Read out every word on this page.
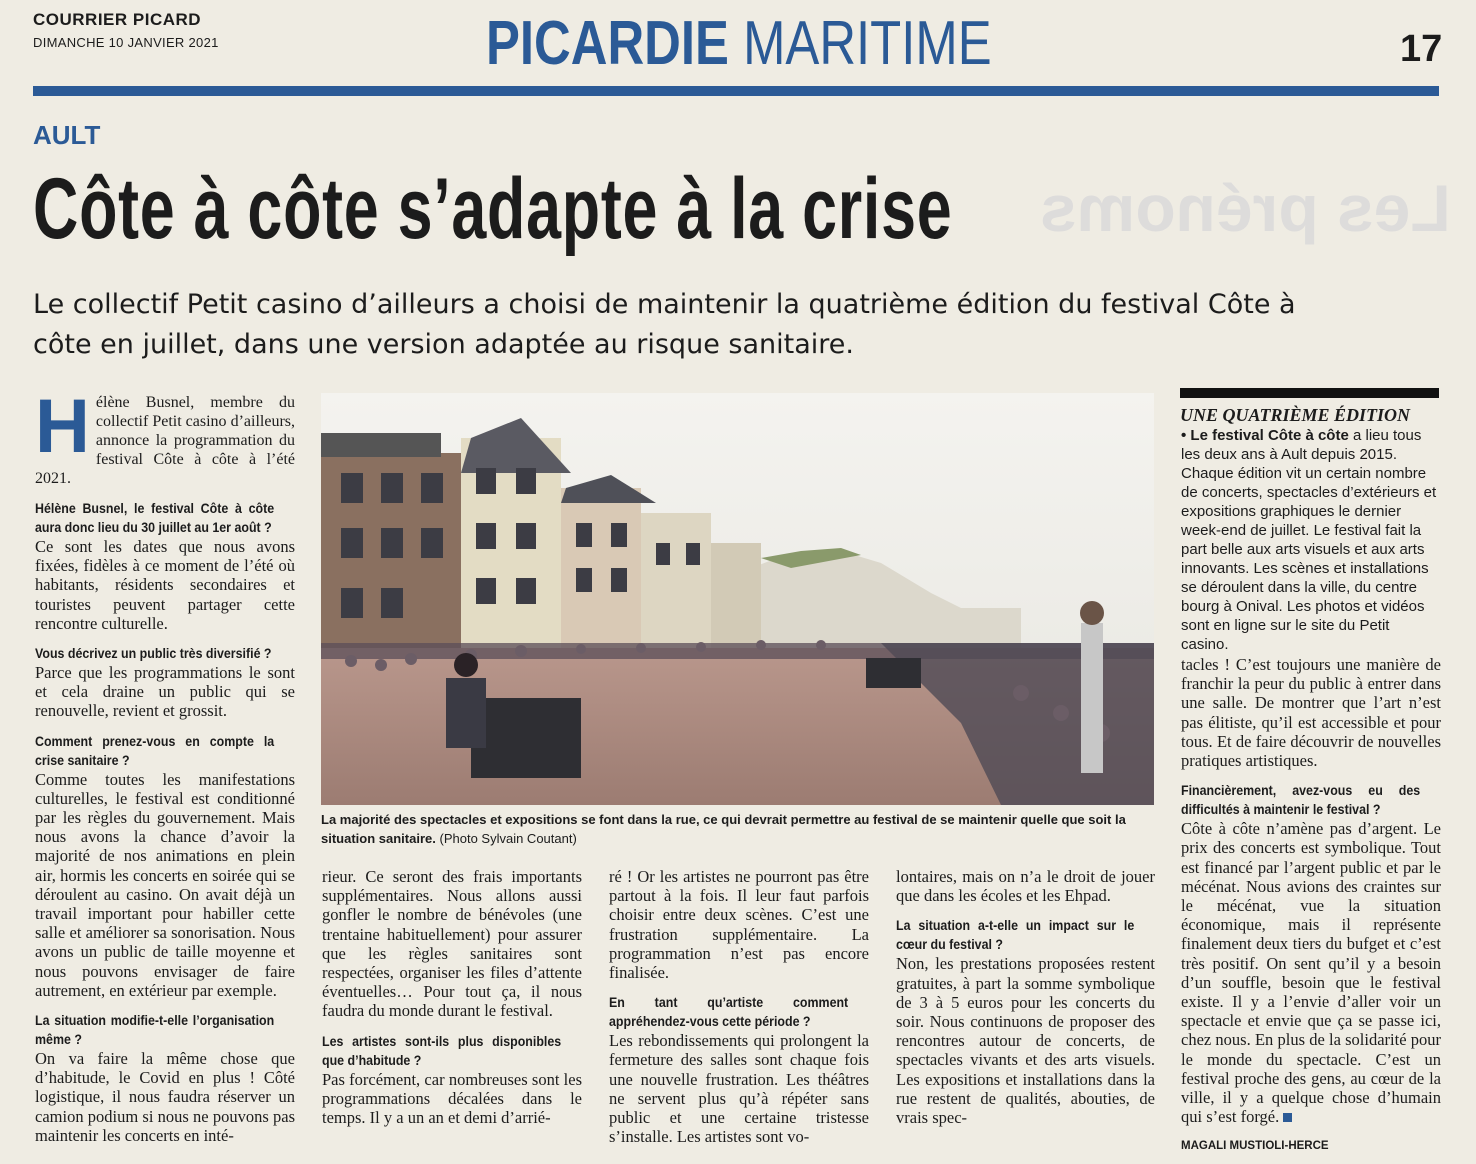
COURRIER PICARD
DIMANCHE 10 JANVIER 2021	PICARDIE MARITIME	17
Les prénoms
AULT
Côte à côte s’adapte à la crise
Le collectif Petit casino d’ailleurs a choisi de maintenir la quatrième édition du festival Côte à côte en juillet, dans une version adaptée au risque sanitaire.

Hélène Busnel, membre du collectif Petit casino d’ailleurs, annonce la programmation du festival Côte à côte à l’été 2021.

Hélène Busnel, le festival Côte à côte aura donc lieu du 30 juillet au 1er août ?
Ce sont les dates que nous avons fixées, fidèles à ce moment de l’été où habitants, résidents secondaires et touristes peuvent partager cette rencontre culturelle.

Vous décrivez un public très diversifié ?
Parce que les programmations le sont et cela draine un public qui se renouvelle, revient et grossit.

Comment prenez-vous en compte la crise sanitaire ?
Comme toutes les manifestations culturelles, le festival est conditionné par les règles du gouvernement. Mais nous avons la chance d’avoir la majorité de nos animations en plein air, hormis les concerts en soirée qui se déroulent au casino. On avait déjà un travail important pour habiller cette salle et améliorer sa sonorisation. Nous avons un public de taille moyenne et nous pouvons envisager de faire autrement, en extérieur par exemple.

La situation modifie-t-elle l’organisation même ?
On va faire la même chose que d’habitude, le Covid en plus ! Côté logistique, il nous faudra réserver un camion podium si nous ne pouvons pas maintenir les concerts en inté-

La majorité des spectacles et expositions se font dans la rue, ce qui devrait permettre au festival de se maintenir quelle que soit la situation sanitaire. (Photo Sylvain Coutant)

rieur. Ce seront des frais importants supplémentaires. Nous allons aussi gonfler le nombre de bénévoles (une trentaine habituellement) pour assurer que les règles sanitaires sont respectées, organiser les files d’attente éventuelles… Pour tout ça, il nous faudra du monde durant le festival.

Les artistes sont-ils plus disponibles que d’habitude ?
Pas forcément, car nombreuses sont les programmations décalées dans le temps. Il y a un an et demi d’arrié-

ré ! Or les artistes ne pourront pas être partout à la fois. Il leur faut parfois choisir entre deux scènes. C’est une frustration supplémentaire. La programmation n’est pas encore finalisée.

En tant qu’artiste comment appréhendez-vous cette période ?
Les rebondissements qui prolongent la fermeture des salles sont chaque fois une nouvelle frustration. Les théâtres ne servent plus qu’à répéter sans public et une certaine tristesse s’installe. Les artistes sont vo-

lontaires, mais on n’a le droit de jouer que dans les écoles et les Ehpad.

La situation a-t-elle un impact sur le cœur du festival ?
Non, les prestations proposées restent gratuites, à part la somme symbolique de 3 à 5 euros pour les concerts du soir. Nous continuons de proposer des rencontres autour de concerts, de spectacles vivants et des arts visuels. Les expositions et installations dans la rue restent de qualités, abouties, de vrais spec-

UNE QUATRIÈME ÉDITION

• Le festival Côte à côte a lieu tous les deux ans à Ault depuis 2015. Chaque édition vit un certain nombre de concerts, spectacles d’extérieurs et expositions graphiques le dernier week-end de juillet. Le festival fait la part belle aux arts visuels et aux arts innovants. Les scènes et installations se déroulent dans la ville, du centre bourg à Onival. Les photos et vidéos sont en ligne sur le site du Petit casino.

tacles ! C’est toujours une manière de franchir la peur du public à entrer dans une salle. De montrer que l’art n’est pas élitiste, qu’il est accessible et pour tous. Et de faire découvrir de nouvelles pratiques artistiques.

Financièrement, avez-vous eu des difficultés à maintenir le festival ?
Côte à côte n’amène pas d’argent. Le prix des concerts est symbolique. Tout est financé par l’argent public et par le mécénat. Nous avions des craintes sur le mécénat, vue la situation économique, mais il représente finalement deux tiers du bufget et c’est très positif. On sent qu’il y a besoin d’un souffle, besoin que le festival existe. Il y a l’envie d’aller voir un spectacle et envie que ça se passe ici, chez nous. En plus de la solidarité pour le monde du spectacle. C’est un festival proche des gens, au cœur de la ville, il y a quelque chose d’humain qui s’est forgé.

MAGALI MUSTIOLI-HERCE
